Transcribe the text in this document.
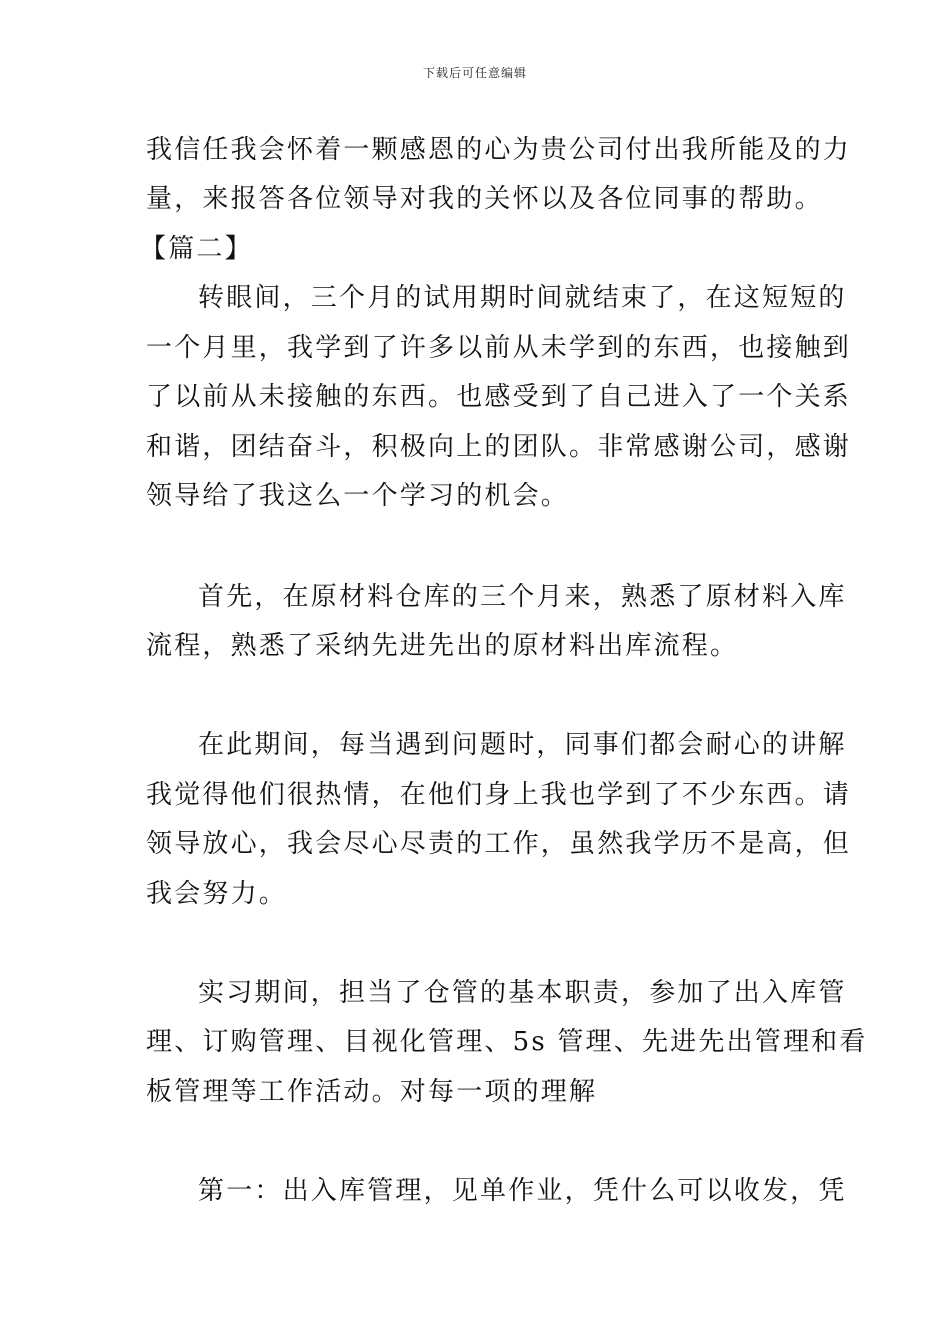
下载后可任意编辑
我信任我会怀着一颗感恩的心为贵公司付出我所能及的力
量，来报答各位领导对我的关怀以及各位同事的帮助。
【篇二】
转眼间，三个月的试用期时间就结束了，在这短短的
一个月里，我学到了许多以前从未学到的东西，也接触到
了以前从未接触的东西。也感受到了自己进入了一个关系
和谐，团结奋斗，积极向上的团队。非常感谢公司，感谢
领导给了我这么一个学习的机会。
首先，在原材料仓库的三个月来，熟悉了原材料入库
流程，熟悉了采纳先进先出的原材料出库流程。
在此期间，每当遇到问题时，同事们都会耐心的讲解
我觉得他们很热情，在他们身上我也学到了不少东西。请
领导放心，我会尽心尽责的工作，虽然我学历不是高，但
我会努力。
实习期间，担当了仓管的基本职责，参加了出入库管
理、订购管理、目视化管理、5s 管理、先进先出管理和看
板管理等工作活动。对每一项的理解
第一：出入库管理，见单作业，凭什么可以收发，凭
